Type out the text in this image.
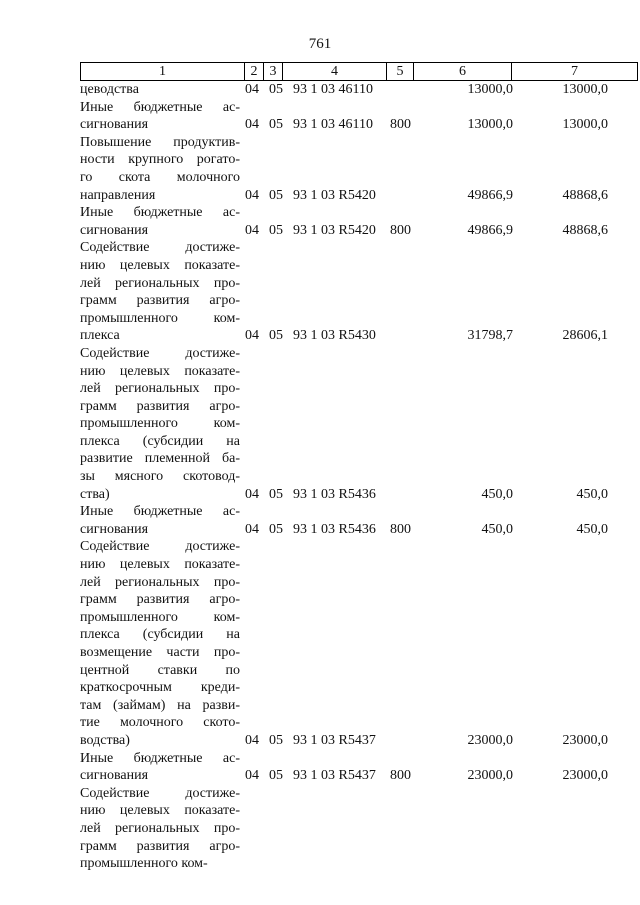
761
1	2 3	4	5	6	7
цеводства	04 05 93 1 03 46110	13000,0	13000,0
Иные бюджетные ас-
сигнования	04 05 93 1 03 46110 800	13000,0	13000,0
Повышение продуктив-
ности крупного рогато-
го скота молочного
направления	04 05 93 1 03 R5420	49866,9	48868,6
Иные бюджетные ас-
сигнования	04 05 93 1 03 R5420 800	49866,9	48868,6
Содействие достиже-
нию целевых показате-
лей региональных про-
грамм развития агро-
промышленного ком-
плекса	04 05 93 1 03 R5430	31798,7	28606,1
Содействие достиже-
нию целевых показате-
лей региональных про-
грамм развития агро-
промышленного ком-
плекса (субсидии на
развитие племенной ба-
зы мясного скотовод-
ства)	04 05 93 1 03 R5436	450,0	450,0
Иные бюджетные ас-
сигнования	04 05 93 1 03 R5436 800	450,0	450,0
Содействие достиже-
нию целевых показате-
лей региональных про-
грамм развития агро-
промышленного ком-
плекса (субсидии на
возмещение части про-
центной ставки по
краткосрочным креди-
там (займам) на разви-
тие молочного ското-
водства)	04 05 93 1 03 R5437	23000,0	23000,0
Иные бюджетные ас-
сигнования	04 05 93 1 03 R5437 800	23000,0	23000,0
Содействие достиже-
нию целевых показате-
лей региональных про-
грамм развития агро-
промышленного ком-
